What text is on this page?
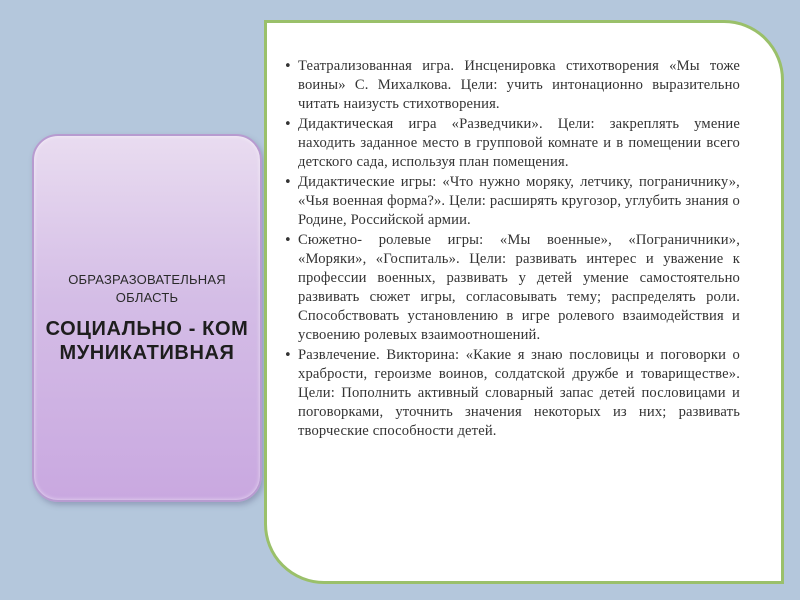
ОБРАЗРАЗОВАТЕЛЬНАЯ ОБЛАСТЬ
СОЦИАЛЬНО - КОММУНИКАТИВНАЯ
• Театрализованная игра. Инсценировка стихотворения «Мы тоже воины» С. Михалкова. Цели: учить интонационно выразительно читать наизусть стихотворения.
• Дидактическая игра «Разведчики». Цели: закреплять умение находить заданное место в групповой комнате и в помещении всего детского сада, используя план помещения.
• Дидактические игры: «Что нужно моряку, летчику, пограничнику», «Чья военная форма?». Цели: расширять кругозор, углубить знания о Родине, Российской армии.
• Сюжетно- ролевые игры: «Мы военные», «Пограничники», «Моряки», «Госпиталь». Цели: развивать интерес и уважение к профессии военных, развивать у детей умение самостоятельно развивать сюжет игры, согласовывать тему; распределять роли. Способствовать установлению в игре ролевого взаимодействия и усвоению ролевых взаимоотношений.
• Развлечение. Викторина: «Какие я знаю пословицы и поговорки о храбрости, героизме воинов, солдатской дружбе и товариществе». Цели: Пополнить активный словарный запас детей пословицами и поговорками, уточнить значения некоторых из них; развивать творческие способности детей.
